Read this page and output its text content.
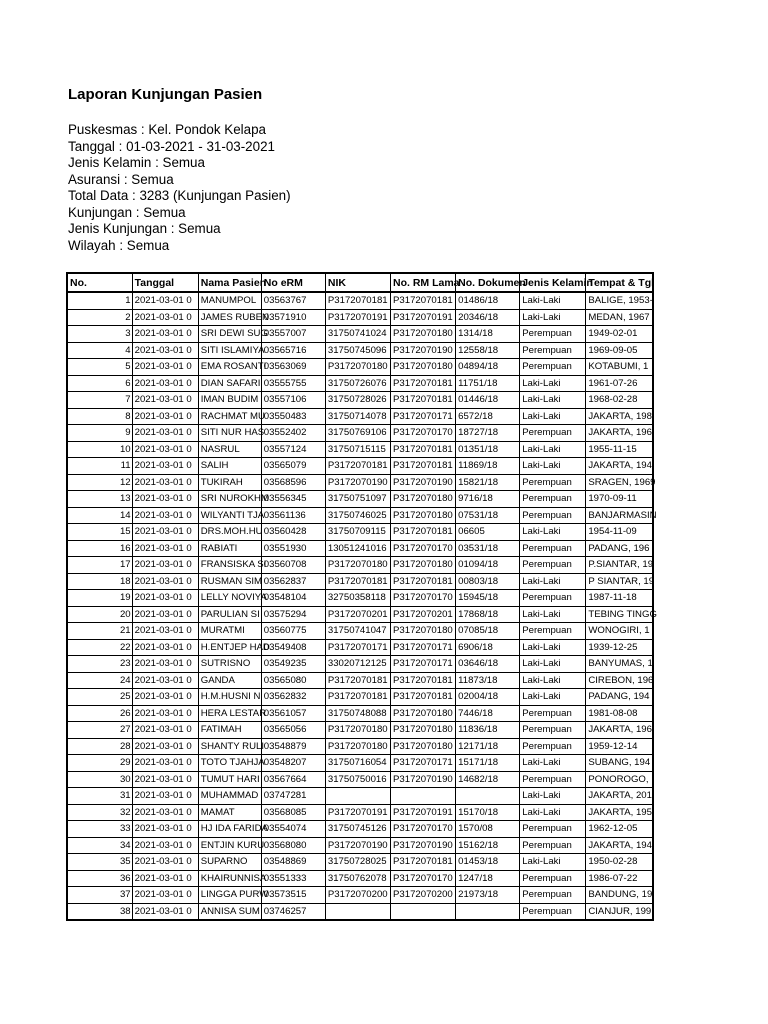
Laporan Kunjungan Pasien
Puskesmas : Kel. Pondok Kelapa
Tanggal : 01-03-2021 - 31-03-2021
Jenis Kelamin : Semua
Asuransi : Semua
Total Data : 3283 (Kunjungan Pasien)
Kunjungan : Semua
Jenis Kunjungan : Semua
Wilayah : Semua
No.	Tanggal	Nama Pasien	No eRM	NIK	No. RM Lama	No. Dokumen	Jenis Kelamin	Tempat & Tgl
1	2021-03-01 0	MANUMPOL	03563767	P3172070181	P3172070181	01486/18	Laki-Laki	BALIGE, 1953-
2	2021-03-01 0	JAMES RUBEN	03571910	P3172070191	P3172070191	20346/18	Laki-Laki	MEDAN, 1967
3	2021-03-01 0	SRI DEWI SUG	03557007	31750741024	P3172070180	1314/18	Perempuan	1949-02-01
4	2021-03-01 0	SITI ISLAMIYA	03565716	31750745096	P3172070190	12558/18	Perempuan	1969-09-05
5	2021-03-01 0	EMA ROSANTI	03563069	P3172070180	P3172070180	04894/18	Perempuan	KOTABUMI, 1
6	2021-03-01 0	DIAN SAFARI	03555755	31750726076	P3172070181	11751/18	Laki-Laki	1961-07-26
7	2021-03-01 0	IMAN BUDIM	03557106	31750728026	P3172070181	01446/18	Laki-Laki	1968-02-28
8	2021-03-01 0	RACHMAT MU	03550483	31750714078	P3172070171	6572/18	Laki-Laki	JAKARTA, 198
9	2021-03-01 0	SITI NUR HAS	03552402	31750769106	P3172070170	18727/18	Perempuan	JAKARTA, 196
10	2021-03-01 0	NASRUL	03557124	31750715115	P3172070181	01351/18	Laki-Laki	1955-11-15
11	2021-03-01 0	SALIH	03565079	P3172070181	P3172070181	11869/18	Laki-Laki	JAKARTA, 194
12	2021-03-01 0	TUKIRAH	03568596	P3172070190	P3172070190	15821/18	Perempuan	SRAGEN, 1969
13	2021-03-01 0	SRI NUROKHM	03556345	31750751097	P3172070180	9716/18	Perempuan	1970-09-11
14	2021-03-01 0	WILYANTI TJA	03561136	31750746025	P3172070180	07531/18	Perempuan	BANJARMASIN
15	2021-03-01 0	DRS.MOH.HU	03560428	31750709115	P3172070181	06605	Laki-Laki	1954-11-09
16	2021-03-01 0	RABIATI	03551930	13051241016	P3172070170	03531/18	Perempuan	PADANG, 196
17	2021-03-01 0	FRANSISKA SI	03560708	P3172070180	P3172070180	01094/18	Perempuan	P.SIANTAR, 19
18	2021-03-01 0	RUSMAN SIM	03562837	P3172070181	P3172070181	00803/18	Laki-Laki	P SIANTAR, 19
19	2021-03-01 0	LELLY NOVIYA	03548104	32750358118	P3172070170	15945/18	Perempuan	1987-11-18
20	2021-03-01 0	PARULIAN SI	03575294	P3172070201	P3172070201	17868/18	Laki-Laki	TEBING TINGG
21	2021-03-01 0	MURATMI	03560775	31750741047	P3172070180	07085/18	Perempuan	WONOGIRI, 1
22	2021-03-01 0	H.ENTJEP HAD	03549408	P3172070171	P3172070171	6906/18	Laki-Laki	1939-12-25
23	2021-03-01 0	SUTRISNO	03549235	33020712125	P3172070171	03646/18	Laki-Laki	BANYUMAS, 1
24	2021-03-01 0	GANDA	03565080	P3172070181	P3172070181	11873/18	Laki-Laki	CIREBON, 196
25	2021-03-01 0	H.M.HUSNI N	03562832	P3172070181	P3172070181	02004/18	Laki-Laki	PADANG, 194
26	2021-03-01 0	HERA LESTAR	03561057	31750748088	P3172070180	7446/18	Perempuan	1981-08-08
27	2021-03-01 0	FATIMAH	03565056	P3172070180	P3172070180	11836/18	Perempuan	JAKARTA, 196
28	2021-03-01 0	SHANTY RULI	03548879	P3172070180	P3172070180	12171/18	Perempuan	1959-12-14
29	2021-03-01 0	TOTO TJAHJA	03548207	31750716054	P3172070171	15171/18	Laki-Laki	SUBANG, 194
30	2021-03-01 0	TUMUT HARI	03567664	31750750016	P3172070190	14682/18	Perempuan	PONOROGO,
31	2021-03-01 0	MUHAMMAD	03747281				Laki-Laki	JAKARTA, 201
32	2021-03-01 0	MAMAT	03568085	P3172070191	P3172070191	15170/18	Laki-Laki	JAKARTA, 195
33	2021-03-01 0	HJ IDA FARIDA	03554074	31750745126	P3172070170	1570/08	Perempuan	1962-12-05
34	2021-03-01 0	ENTJIN KURU	03568080	P3172070190	P3172070190	15162/18	Perempuan	JAKARTA, 194
35	2021-03-01 0	SUPARNO	03548869	31750728025	P3172070181	01453/18	Laki-Laki	1950-02-28
36	2021-03-01 0	KHAIRUNNISA	03551333	31750762078	P3172070170	1247/18	Perempuan	1986-07-22
37	2021-03-01 0	LINGGA PURW	03573515	P3172070200	P3172070200	21973/18	Perempuan	BANDUNG, 19
38	2021-03-01 0	ANNISA SUM	03746257				Perempuan	CIANJUR, 199
